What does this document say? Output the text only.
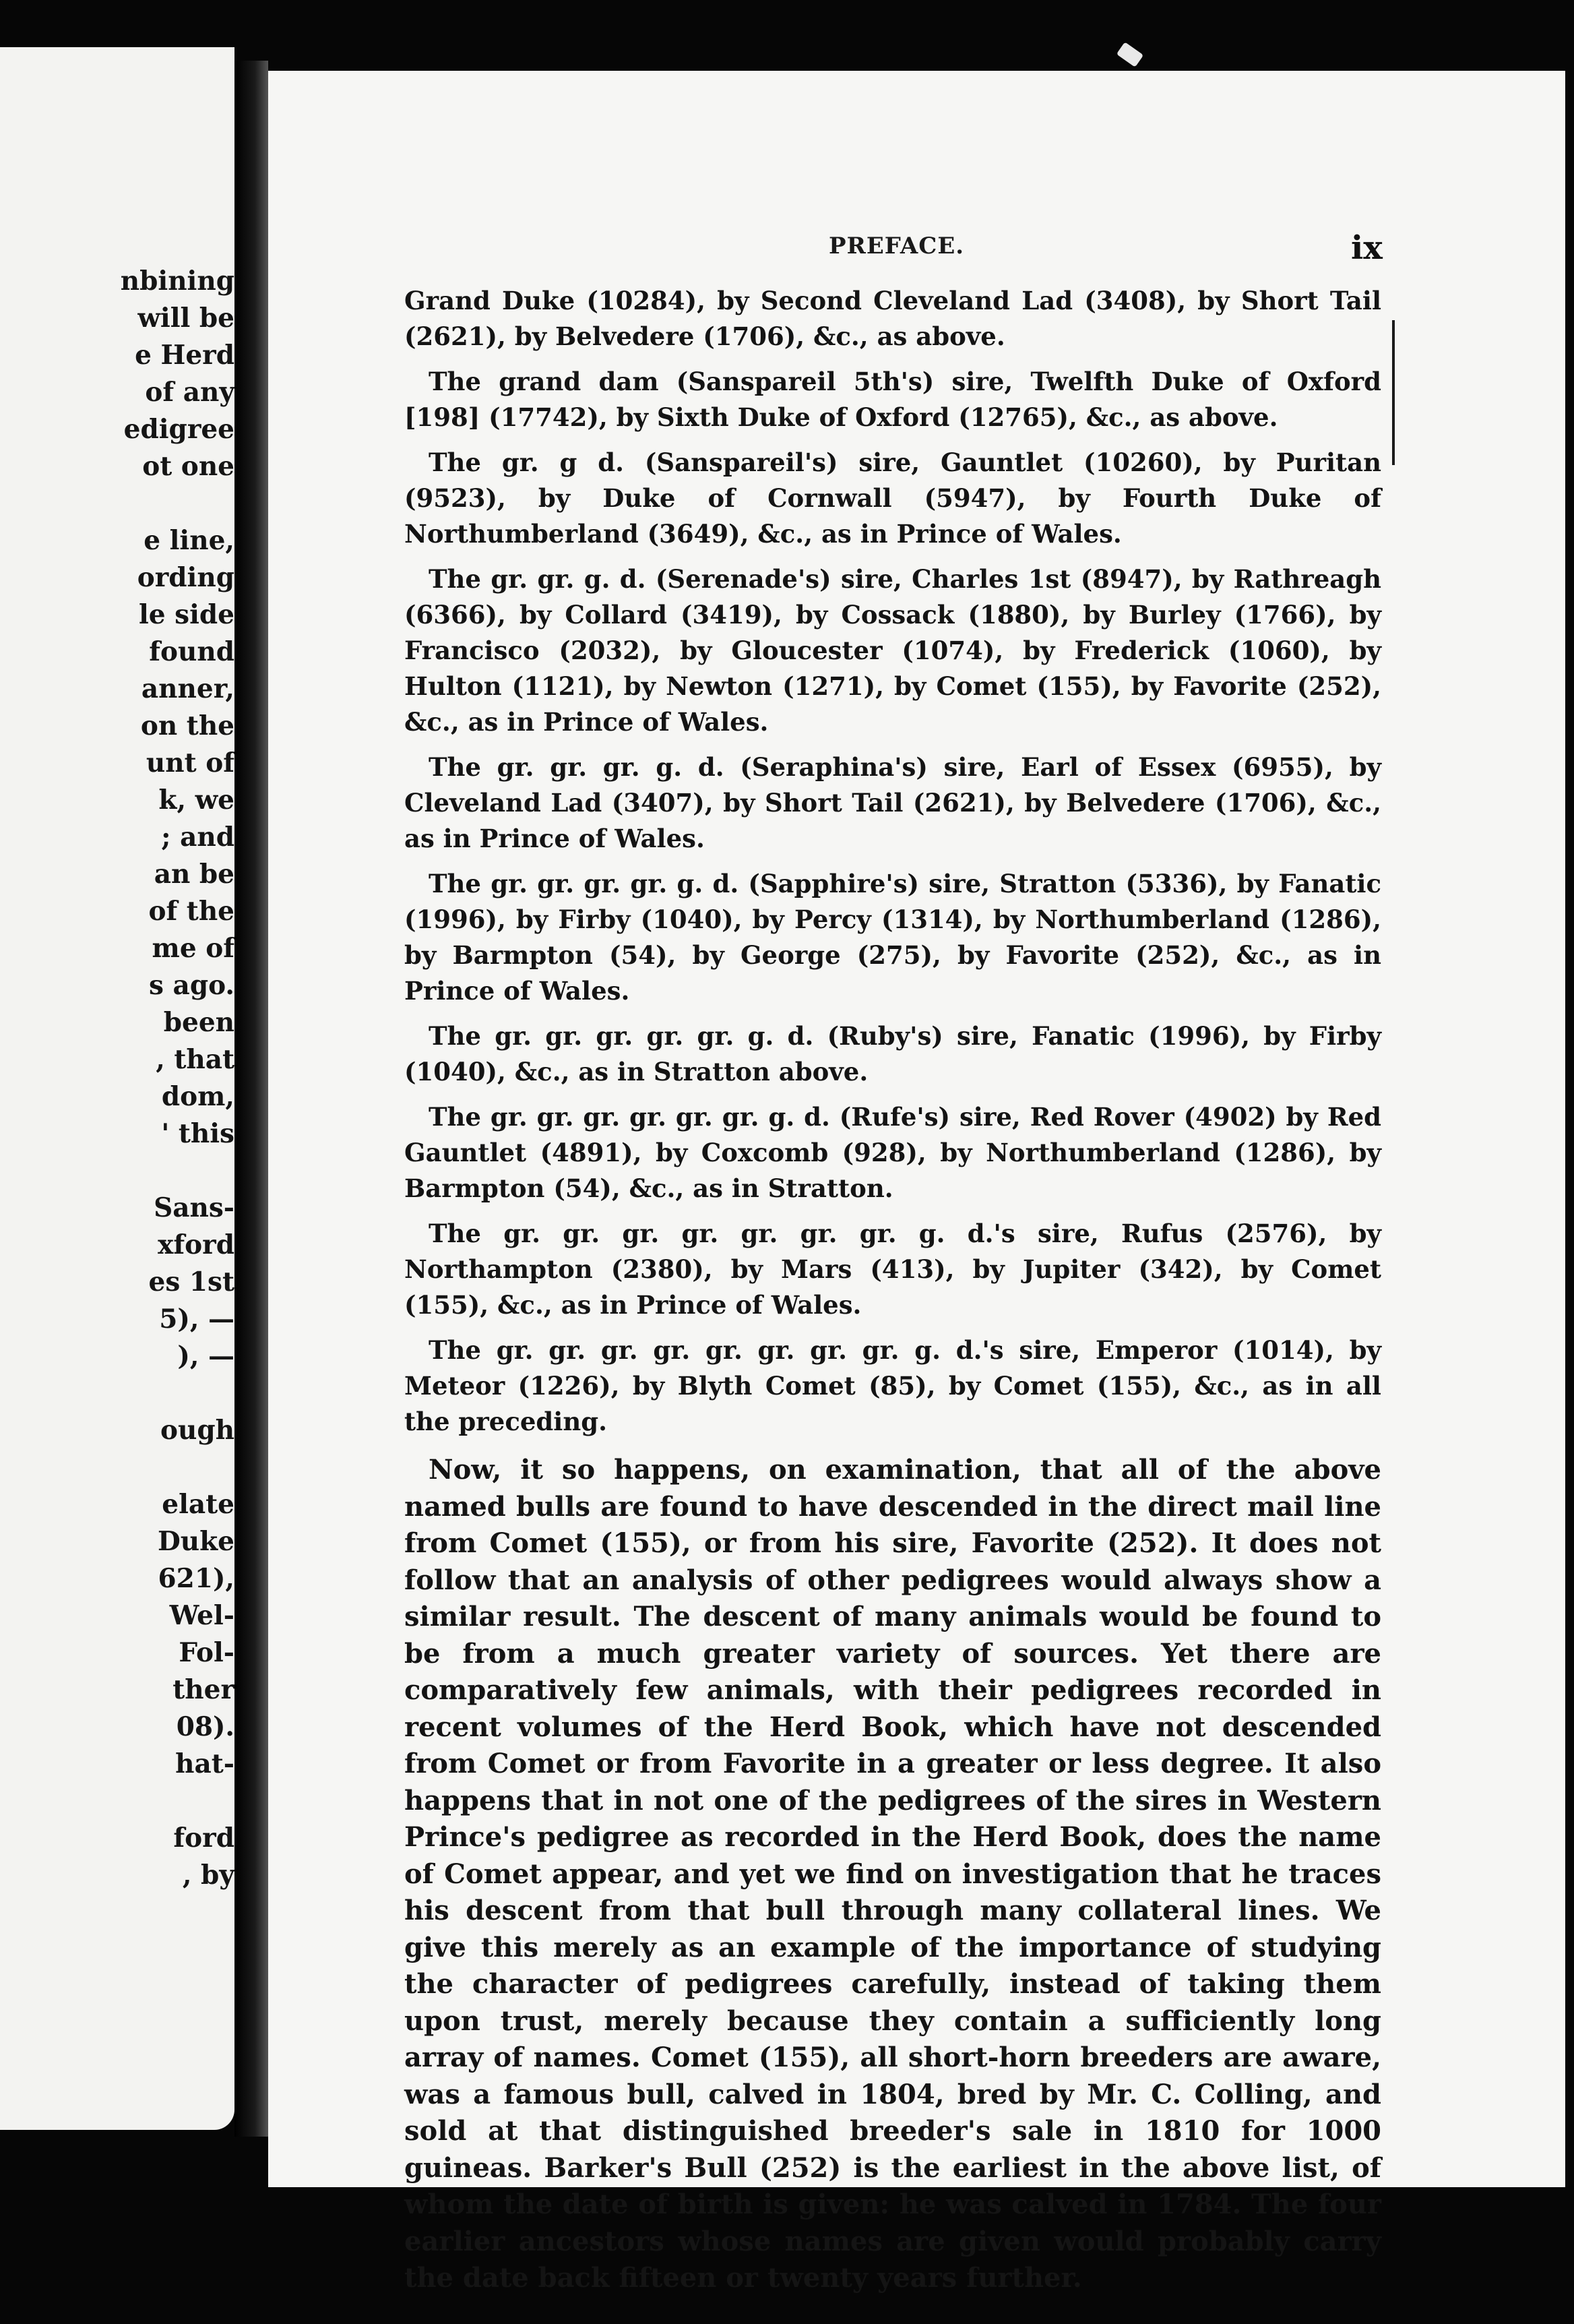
nbining
will be
e Herd
of any
edigree
ot one
e line,
ording
le side
found
anner,
on the
unt of
k, we
; and
an be
of the
me of
s ago.
been
, that
dom,
' this
Sans-
xford
es 1st
5), —
), —
ough
elate
Duke
621),
Wel-
Fol-
ther
08).
hat-
ford
, by
PREFACE.	ix

Grand Duke (10284), by Second Cleveland Lad (3408), by Short Tail (2621), by Belvedere (1706), &c., as above.

The grand dam (Sanspareil 5th's) sire, Twelfth Duke of Oxford [198] (17742), by Sixth Duke of Oxford (12765), &c., as above.

The gr. g d. (Sanspareil's) sire, Gauntlet (10260), by Puritan (9523), by Duke of Cornwall (5947), by Fourth Duke of Northumberland (3649), &c., as in Prince of Wales.

The gr. gr. g. d. (Serenade's) sire, Charles 1st (8947), by Rathreagh (6366), by Collard (3419), by Cossack (1880), by Burley (1766), by Francisco (2032), by Gloucester (1074), by Frederick (1060), by Hulton (1121), by Newton (1271), by Comet (155), by Favorite (252), &c., as in Prince of Wales.

The gr. gr. gr. g. d. (Seraphina's) sire, Earl of Essex (6955), by Cleveland Lad (3407), by Short Tail (2621), by Belvedere (1706), &c., as in Prince of Wales.

The gr. gr. gr. gr. g. d. (Sapphire's) sire, Stratton (5336), by Fanatic (1996), by Firby (1040), by Percy (1314), by Northumberland (1286), by Barmpton (54), by George (275), by Favorite (252), &c., as in Prince of Wales.

The gr. gr. gr. gr. gr. g. d. (Ruby's) sire, Fanatic (1996), by Firby (1040), &c., as in Stratton above.

The gr. gr. gr. gr. gr. gr. g. d. (Rufe's) sire, Red Rover (4902) by Red Gauntlet (4891), by Coxcomb (928), by Northumberland (1286), by Barmpton (54), &c., as in Stratton.

The gr. gr. gr. gr. gr. gr. gr. g. d.'s sire, Rufus (2576), by Northampton (2380), by Mars (413), by Jupiter (342), by Comet (155), &c., as in Prince of Wales.

The gr. gr. gr. gr. gr. gr. gr. gr. g. d.'s sire, Emperor (1014), by Meteor (1226), by Blyth Comet (85), by Comet (155), &c., as in all the preceding.

Now, it so happens, on examination, that all of the above named bulls are found to have descended in the direct mail line from Comet (155), or from his sire, Favorite (252). It does not follow that an analysis of other pedigrees would always show a similar result. The descent of many animals would be found to be from a much greater variety of sources. Yet there are comparatively few animals, with their pedigrees recorded in recent volumes of the Herd Book, which have not descended from Comet or from Favorite in a greater or less degree. It also happens that in not one of the pedigrees of the sires in Western Prince's pedigree as recorded in the Herd Book, does the name of Comet appear, and yet we find on investigation that he traces his descent from that bull through many collateral lines. We give this merely as an example of the importance of studying the character of pedigrees carefully, instead of taking them upon trust, merely because they contain a sufficiently long array of names. Comet (155), all short-horn breeders are aware, was a famous bull, calved in 1804, bred by Mr. C. Colling, and sold at that distinguished breeder's sale in 1810 for 1000 guineas. Barker's Bull (252) is the earliest in the above list, of whom the date of birth is given: he was calved in 1784. The four earlier ancestors whose names are given would probably carry the date back fifteen or twenty years further.
